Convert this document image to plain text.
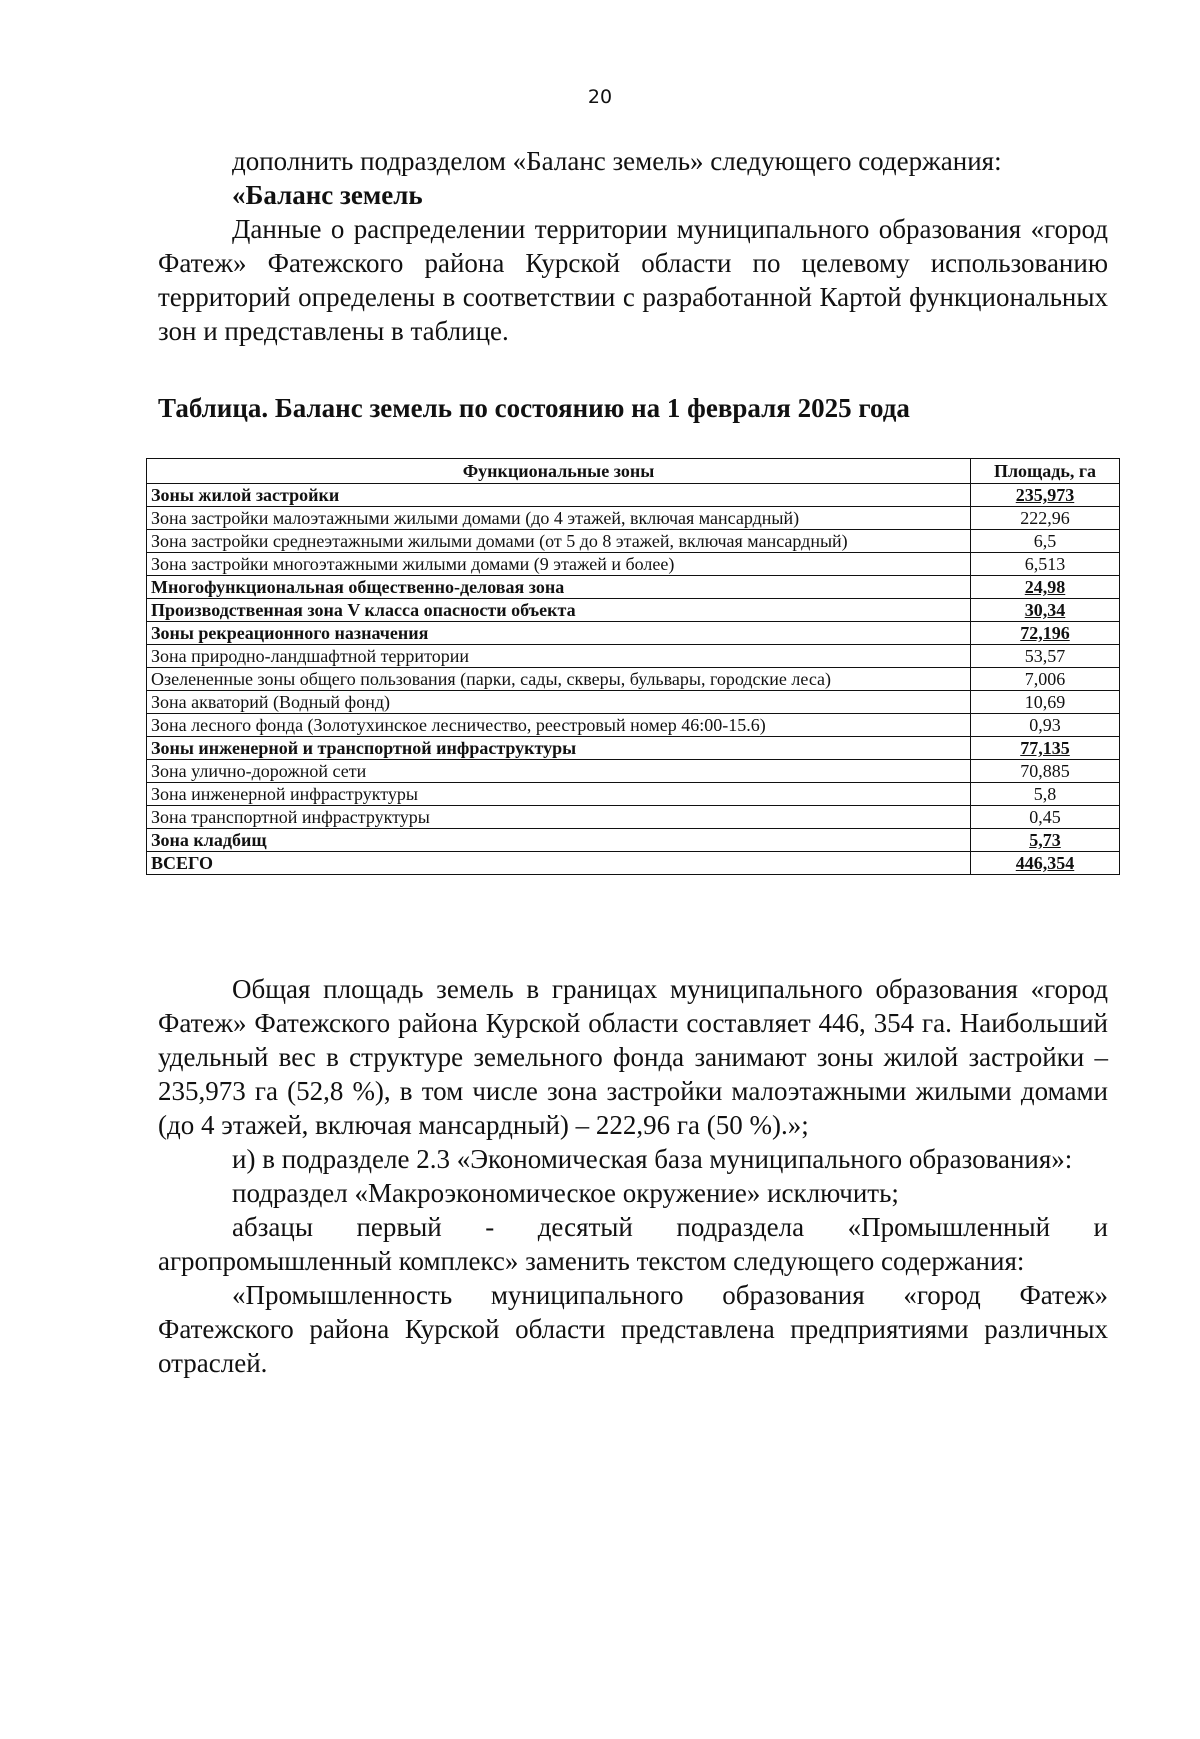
20

дополнить подразделом «Баланс земель» следующего содержания:

«Баланс земель

Данные о распределении территории муниципального образования «город Фатеж» Фатежского района Курской области по целевому использованию территорий определены в соответствии с разработанной Картой функциональных зон и представлены в таблице.

Таблица. Баланс земель по состоянию на 1 февраля 2025 года
Функциональные зоны	Площадь, га
Зоны жилой застройки	235,973
Зона застройки малоэтажными жилыми домами (до 4 этажей, включая мансардный)	222,96
Зона застройки среднеэтажными жилыми домами (от 5 до 8 этажей, включая мансардный)	6,5
Зона застройки многоэтажными жилыми домами (9 этажей и более)	6,513
Многофункциональная общественно-деловая зона	24,98
Производственная зона V класса опасности объекта	30,34
Зоны рекреационного назначения	72,196
Зона природно-ландшафтной территории	53,57
Озелененные зоны общего пользования (парки, сады, скверы, бульвары, городские леса)	7,006
Зона акваторий (Водный фонд)	10,69
Зона лесного фонда (Золотухинское лесничество, реестровый номер 46:00-15.6)	0,93
Зоны инженерной и транспортной инфраструктуры	77,135
Зона улично-дорожной сети	70,885
Зона инженерной инфраструктуры	5,8
Зона транспортной инфраструктуры	0,45
Зона кладбищ	5,73
ВСЕГО	446,354

Общая площадь земель в границах муниципального образования «город Фатеж» Фатежского района Курской области составляет 446, 354 га. Наибольший удельный вес в структуре земельного фонда занимают зоны жилой застройки – 235,973 га (52,8 %), в том числе зона застройки малоэтажными жилыми домами (до 4 этажей, включая мансардный) – 222,96 га (50 %).»;

и) в подразделе 2.3 «Экономическая база муниципального образования»:

подраздел «Макроэкономическое окружение» исключить;

абзацы первый - десятый подраздела «Промышленный и агропромышленный комплекс» заменить текстом следующего содержания:

«Промышленность муниципального образования «город Фатеж» Фатежского района Курской области представлена предприятиями различных отраслей.
